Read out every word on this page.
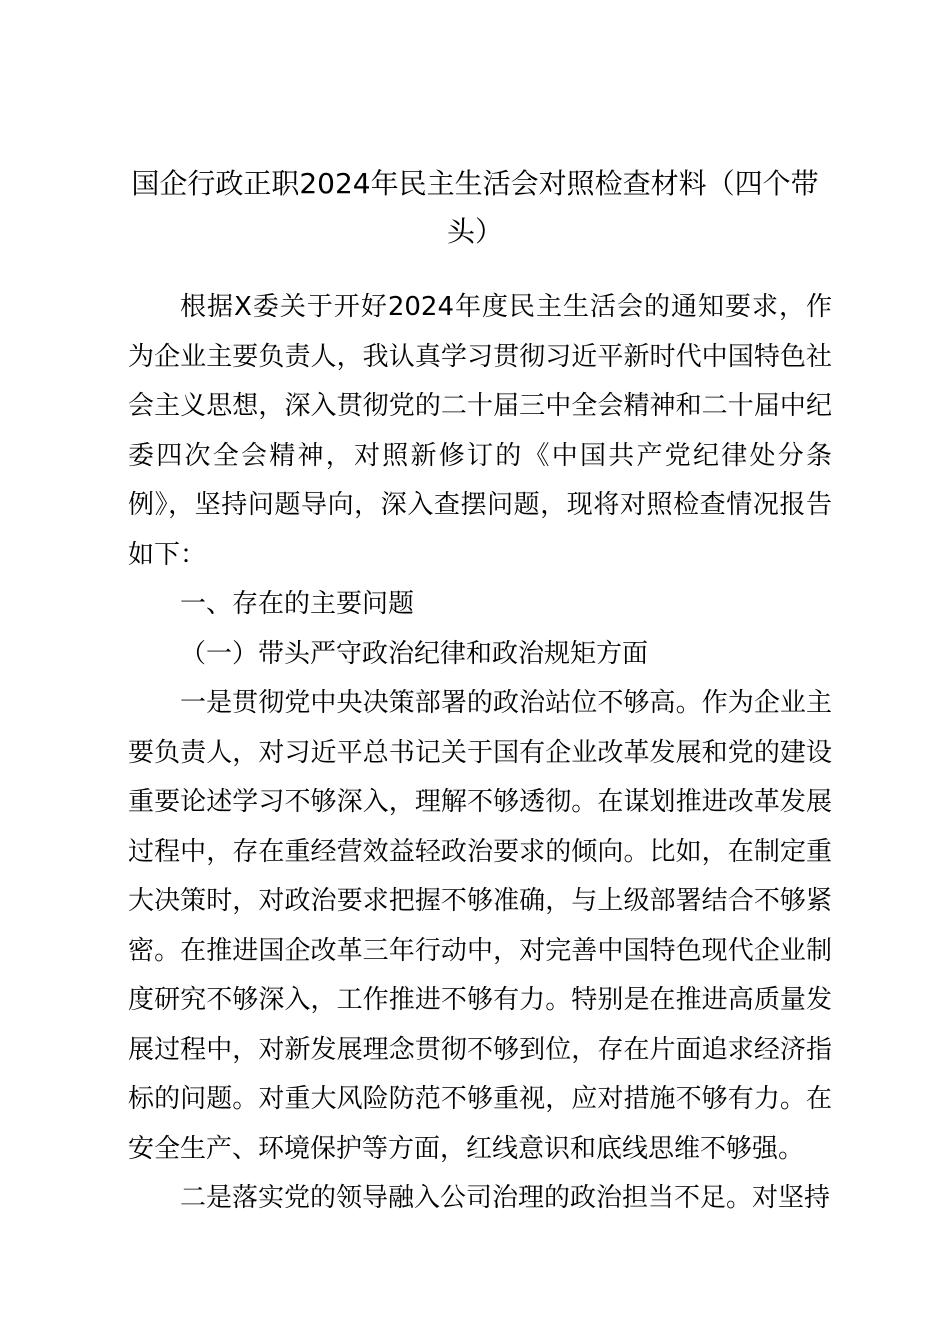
国企行政正职2024年民主生活会对照检查材料（四个带头）

根据X委关于开好2024年度民主生活会的通知要求，作为企业主要负责人，我认真学习贯彻习近平新时代中国特色社会主义思想，深入贯彻党的二十届三中全会精神和二十届中纪委四次全会精神，对照新修订的《中国共产党纪律处分条例》，坚持问题导向，深入查摆问题，现将对照检查情况报告如下：

一、存在的主要问题

（一）带头严守政治纪律和政治规矩方面

一是贯彻党中央决策部署的政治站位不够高。作为企业主要负责人，对习近平总书记关于国有企业改革发展和党的建设重要论述学习不够深入，理解不够透彻。在谋划推进改革发展过程中，存在重经营效益轻政治要求的倾向。比如，在制定重大决策时，对政治要求把握不够准确，与上级部署结合不够紧密。在推进国企改革三年行动中，对完善中国特色现代企业制度研究不够深入，工作推进不够有力。特别是在推进高质量发展过程中，对新发展理念贯彻不够到位，存在片面追求经济指标的问题。对重大风险防范不够重视，应对措施不够有力。在安全生产、环境保护等方面，红线意识和底线思维不够强。

二是落实党的领导融入公司治理的政治担当不足。对坚持
